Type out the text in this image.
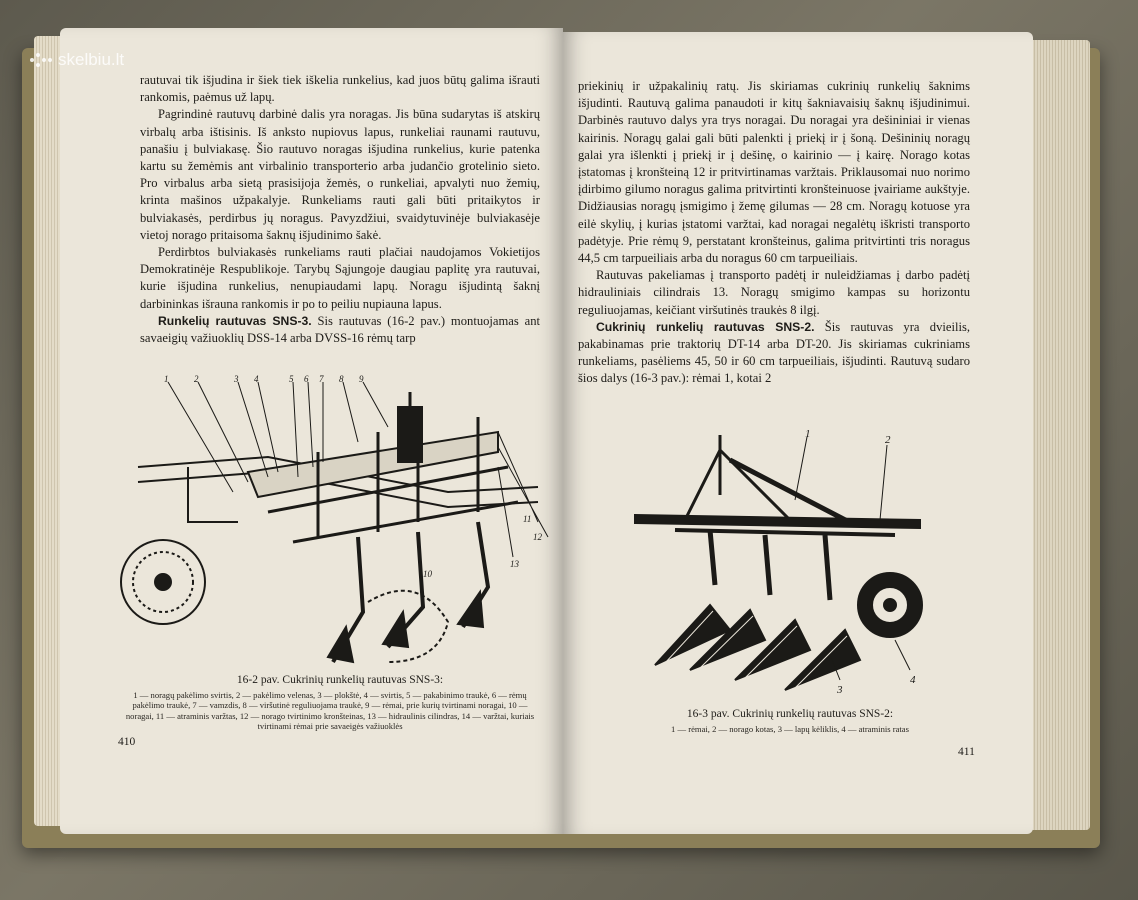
skelbiu.lt

rautuvai tik išjudina ir šiek tiek iškelia runkelius, kad juos būtų galima išrauti rankomis, paėmus už lapų.

Pagrindinė rautuvų darbinė dalis yra noragas. Jis būna sudarytas iš atskirų virbalų arba ištisinis. Iš anksto nupiovus lapus, runkeliai raunami rautuvu, panašiu į bulviakasę. Šio rautuvo noragas išjudina runkelius, kurie patenka kartu su žemėmis ant virbalinio transporterio arba judančio grotelinio sieto. Pro virbalus arba sietą prasisijoja žemės, o runkeliai, apvalyti nuo žemių, krinta mašinos užpakalyje. Runkeliams rauti gali būti pritaikytos ir bulviakasės, perdirbus jų noragus. Pavyzdžiui, svaidytuvinėje bulviakasėje vietoj norago pritaisoma šaknų išjudinimo šakė.

Perdirbtos bulviakasės runkeliams rauti plačiai naudojamos Vokietijos Demokratinėje Respublikoje. Tarybų Sąjungoje daugiau paplitę yra rautuvai, kurie išjudina runkelius, nenupiaudami lapų. Noragu išjudintą šaknį darbininkas išrauna rankomis ir po to peiliu nupiauna lapus.

Runkelių rautuvas SNS-3. Sis rautuvas (16-2 pav.) montuojamas ant savaeigių važiuoklių DSS-14 arba DVSS-16 rėmų tarp

1	2	3 4	5 6 7 8 9
10
11
12
13
16-2 pav. Cukrinių runkelių rautuvas SNS-3:
1 — noragų pakėlimo svirtis, 2 — pakėlimo velenas, 3 — plokštė, 4 — svirtis, 5 — pakabinimo traukė, 6 — rėmų pakėlimo traukė, 7 — vamzdis, 8 — viršutinė reguliuojama traukė, 9 — rėmai, prie kurių tvirtinami noragai, 10 — noragai, 11 — atraminis varžtas, 12 — norago tvirtinimo kronšteinas, 13 — hidraulinis cilindras, 14 — varžtai, kuriais tvirtinami rėmai prie savaeigės važiuoklės
410

priekinių ir užpakalinių ratų. Jis skiriamas cukrinių runkelių šaknims išjudinti. Rautuvą galima panaudoti ir kitų šakniavaisių šaknų išjudinimui. Darbinės rautuvo dalys yra trys noragai. Du noragai yra dešininiai ir vienas kairinis. Noragų galai gali būti palenkti į priekį ir į šoną. Dešininių noragų galai yra išlenkti į priekį ir į dešinę, o kairinio — į kairę. Norago kotas įstatomas į kronšteiną 12 ir pritvirtinamas varžtais. Priklausomai nuo norimo įdirbimo gilumo noragus galima pritvirtinti kronšteinuose įvairiame aukštyje. Didžiausias noragų įsmigimo į žemę gilumas — 28 cm. Noragų kotuose yra eilė skylių, į kurias įstatomi varžtai, kad noragai negalėtų iškristi transporto padėtyje. Prie rėmų 9, perstatant kronšteinus, galima pritvirtinti tris noragus 44,5 cm tarpueiliais arba du noragus 60 cm tarpueiliais.

Rautuvas pakeliamas į transporto padėtį ir nuleidžiamas į darbo padėtį hidrauliniais cilindrais 13. Noragų smigimo kampas su horizontu reguliuojamas, keičiant viršutinės traukės 8 ilgį.

Cukrinių runkelių rautuvas SNS-2. Šis rautuvas yra dvieilis, pakabinamas prie traktorių DT-14 arba DT-20. Jis skiriamas cukriniams runkeliams, pasėliems 45, 50 ir 60 cm tarpueiliais, išjudinti. Rautuvą sudaro šios dalys (16-3 pav.): rėmai 1, kotai 2

1	2
3
4
16-3 pav. Cukrinių runkelių rautuvas SNS-2:
1 — rėmai, 2 — norago kotas, 3 — lapų kėliklis, 4 — atraminis ratas
411
